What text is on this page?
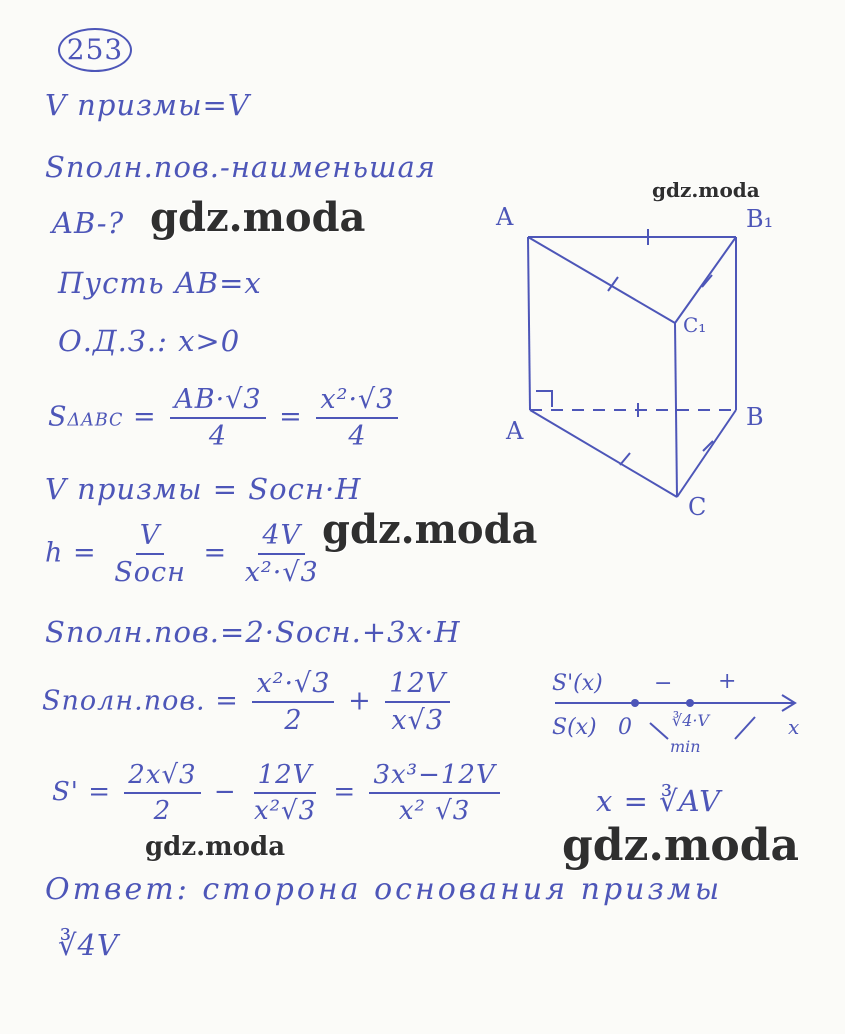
253
V призмы=V
Sполн.пов.-наименьшая
AB-?
Пусть AB=x
О.Д.З.: x>0
$S\Delta ABC = \frac{AB\cdot√3}{4} = \frac{\text{x²·√3}}{4}$
V призмы = Sосн·H
$h = \frac{V}{\text{Sосн}} = \frac{4V}{\text{x²·√3}}$
Sполн.пов.=2·Sосн.+3x·H
Sполн.пов. = $\frac{\text{x²·√3}}{2} + \frac{12V}{x√3}$
$S' = \frac{2x√3}{2} - \frac{12V}{\text{x²√3}} = \frac{\text{3x³−12V}}{\text{x² √3}}$	x = ∛AV
Ответ: сторона основания призмы
∛4V
S'(x)
S(x) 0
− +
∛4·V
min
x
A	B₁
C₁
A	B
C
gdz.moda
gdz.moda
gdz.moda
gdz.moda	gdz.moda
